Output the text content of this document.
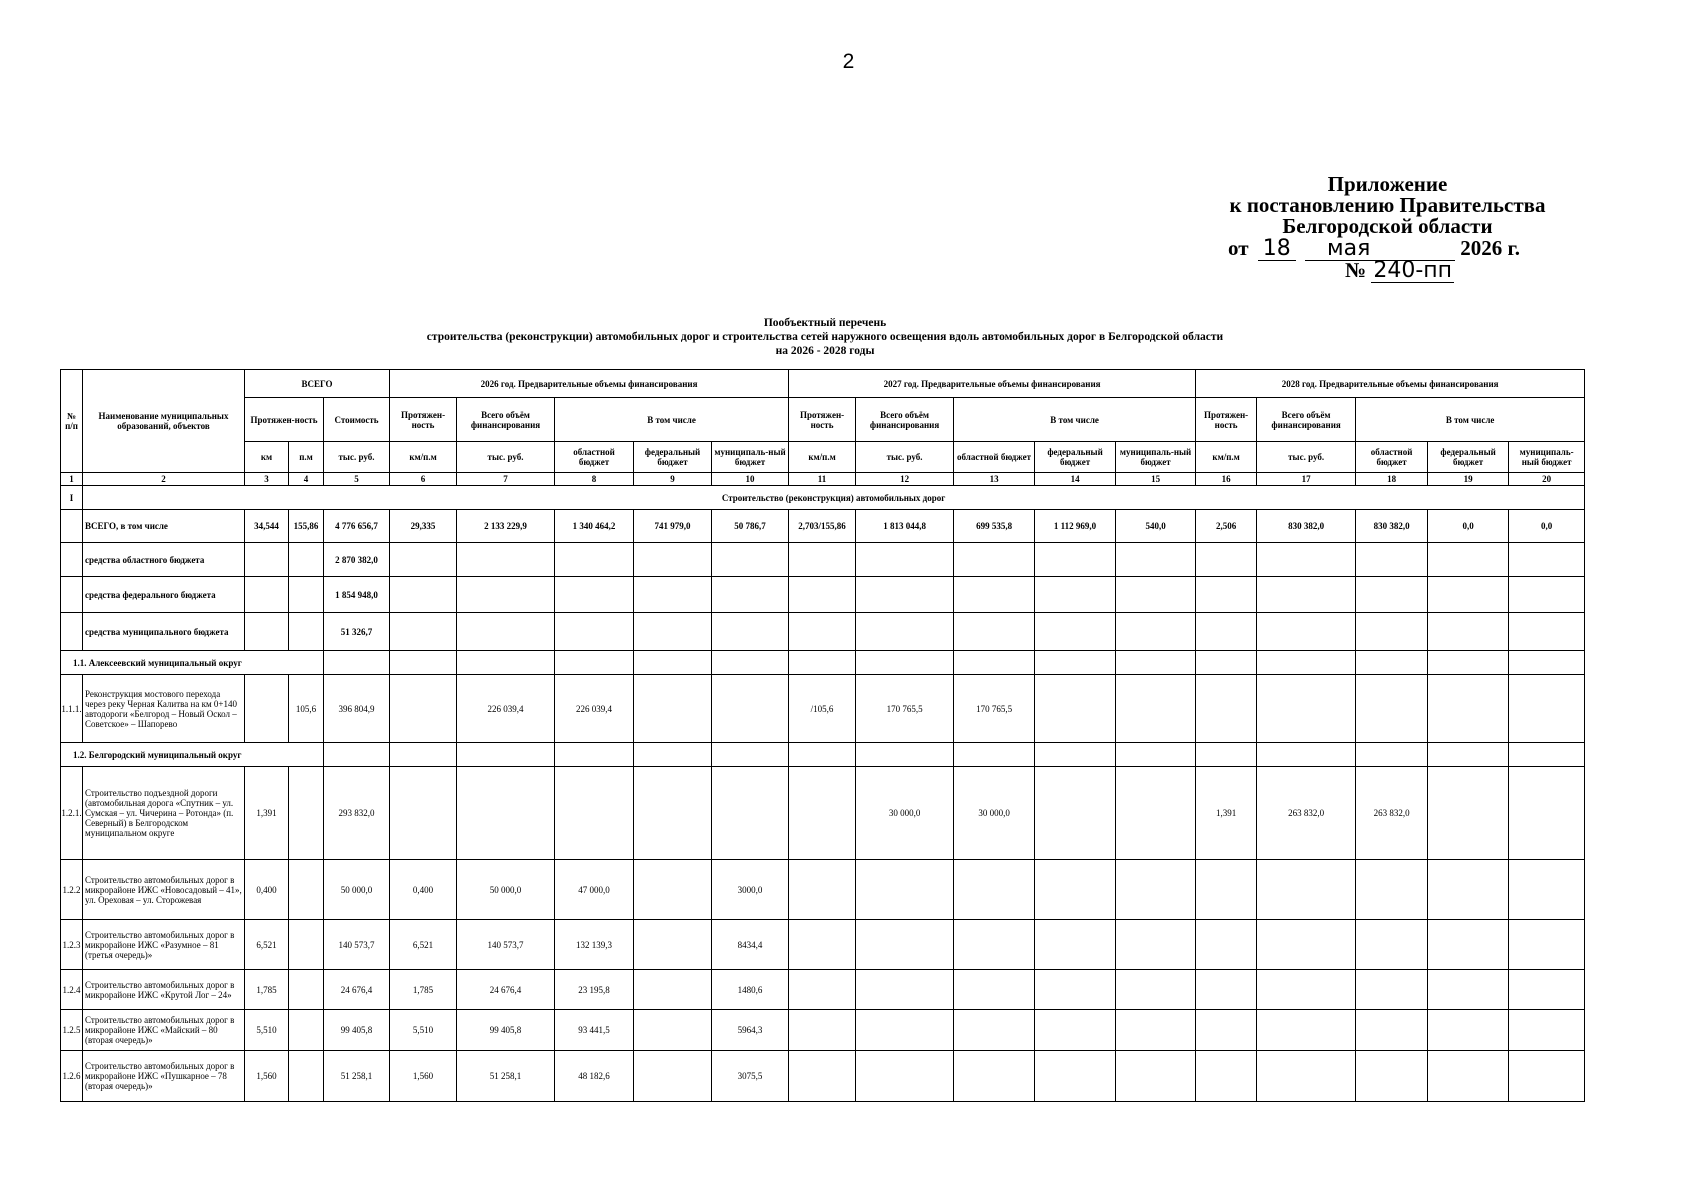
2
Приложение
к постановлению Правительства
Белгородской области
от 18 мая	2026 г.
№ 240-пп
Пообъектный перечень
строительства (реконструкции) автомобильных дорог и строительства сетей наружного освещения вдоль автомобильных дорог в Белгородской области
на 2026 - 2028 годы
№ п/п	Наименование муниципальных образований, объектов	ВСЕГО			2026 год. Предварительные объемы финансирования					2027 год. Предварительные объемы финансирования					2028 год. Предварительные объемы финансирования				
		Протяжен-ность		Стоимость	Протяжен-ность	Всего объём финансирования	В том числе			Протяжен-ность	Всего объём финансирования	В том числе			Протяжен-ность	Всего объём финансирования	В том числе		
		км	п.м	тыс. руб.	км/п.м	тыс. руб.	областной бюджет	федеральный бюджет	муниципаль-ный бюджет	км/п.м	тыс. руб.	областной бюджет	федеральный бюджет	муниципаль-ный бюджет	км/п.м	тыс. руб.	областной бюджет	федеральный бюджет	муниципаль-ный бюджет
1	2	3	4	5	6	7	8	9	10	11	12	13	14	15	16	17	18	19	20
I	Строительство (реконструкция) автомобильных дорог																		
	ВСЕГО, в том числе	34,544	155,86	4 776 656,7	29,335	2 133 229,9	1 340 464,2	741 979,0	50 786,7	2,703/155,86	1 813 044,8	699 535,8	1 112 969,0	540,0	2,506	830 382,0	830 382,0	0,0	0,0
	средства областного бюджета			2 870 382,0															
	средства федерального бюджета			1 854 948,0															
	средства муниципального бюджета			51 326,7															
1.1. Алексеевский муниципальный округ																			
1.1.1.	Реконструкция мостового перехода через реку Черная Калитва на км 0+140 автодороги «Белгород – Новый Оскол – Советское» – Шапорево		105,6	396 804,9		226 039,4	226 039,4			/105,6	170 765,5	170 765,5							
1.2. Белгородский муниципальный округ																			
1.2.1.	Строительство подъездной дороги (автомобильная дорога «Спутник – ул. Сумская – ул. Чичерина – Ротонда» (п. Северный) в Белгородском муниципальном округе	1,391		293 832,0							30 000,0	30 000,0			1,391	263 832,0	263 832,0		
1.2.2	Строительство автомобильных дорог в микрорайоне ИЖС «Новосадовый – 41», ул. Ореховая – ул. Сторожевая	0,400		50 000,0	0,400	50 000,0	47 000,0		3000,0										
1.2.3	Строительство автомобильных дорог в микрорайоне ИЖС «Разумное – 81 (третья очередь)»	6,521		140 573,7	6,521	140 573,7	132 139,3		8434,4										
1.2.4	Строительство автомобильных дорог в микрорайоне ИЖС «Крутой Лог – 24»	1,785		24 676,4	1,785	24 676,4	23 195,8		1480,6										
1.2.5	Строительство автомобильных дорог в микрорайоне ИЖС «Майский – 80 (вторая очередь)»	5,510		99 405,8	5,510	99 405,8	93 441,5		5964,3										
1.2.6	Строительство автомобильных дорог в микрорайоне ИЖС «Пушкарное – 78 (вторая очередь)»	1,560		51 258,1	1,560	51 258,1	48 182,6		3075,5										
